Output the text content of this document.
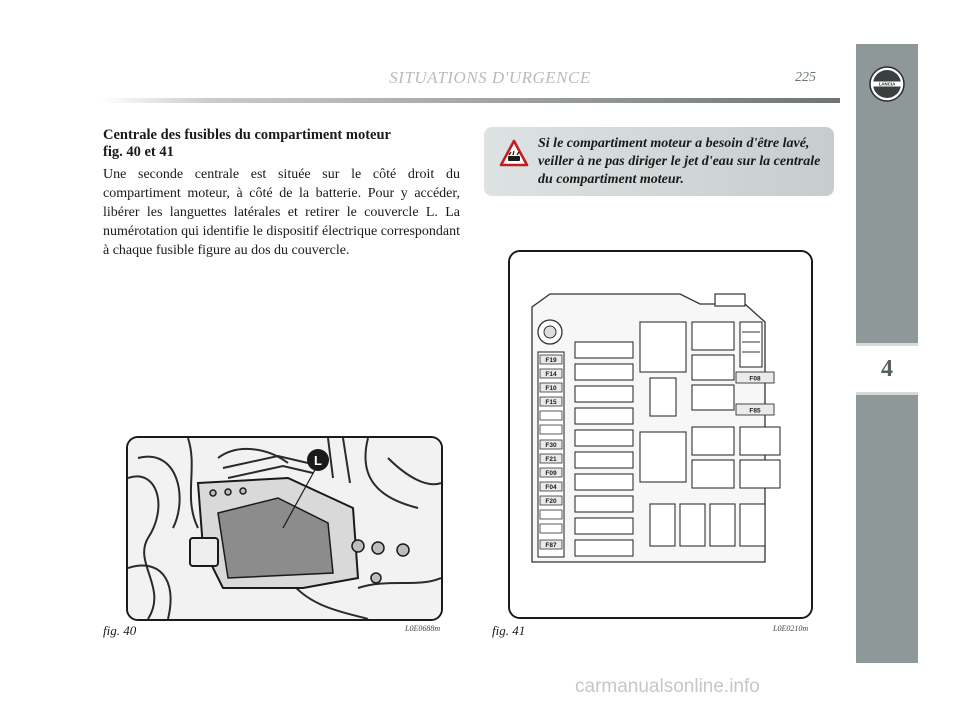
SITUATIONS D'URGENCE	225
4
LANCIA
Centrale des fusibles du compartiment moteur
fig. 40 et 41
Une seconde centrale est située sur le côté droit du compartiment moteur, à côté de la batterie. Pour y accéder, libérer les languettes latérales et retirer le couvercle L. La numérotation qui identifie le dispositif électrique correspondant à chaque fusible figure au dos du couvercle.
Si le compartiment moteur a besoin d'être lavé, veiller à ne pas diriger le jet d'eau sur la centrale du compartiment moteur.
L
fig. 40	L0E0688m
F19
F14
F10
F15
F30
F21
F09
F04
F20
F87
F08
F85
fig. 41	L0E0210m
carmanualsonline.info
